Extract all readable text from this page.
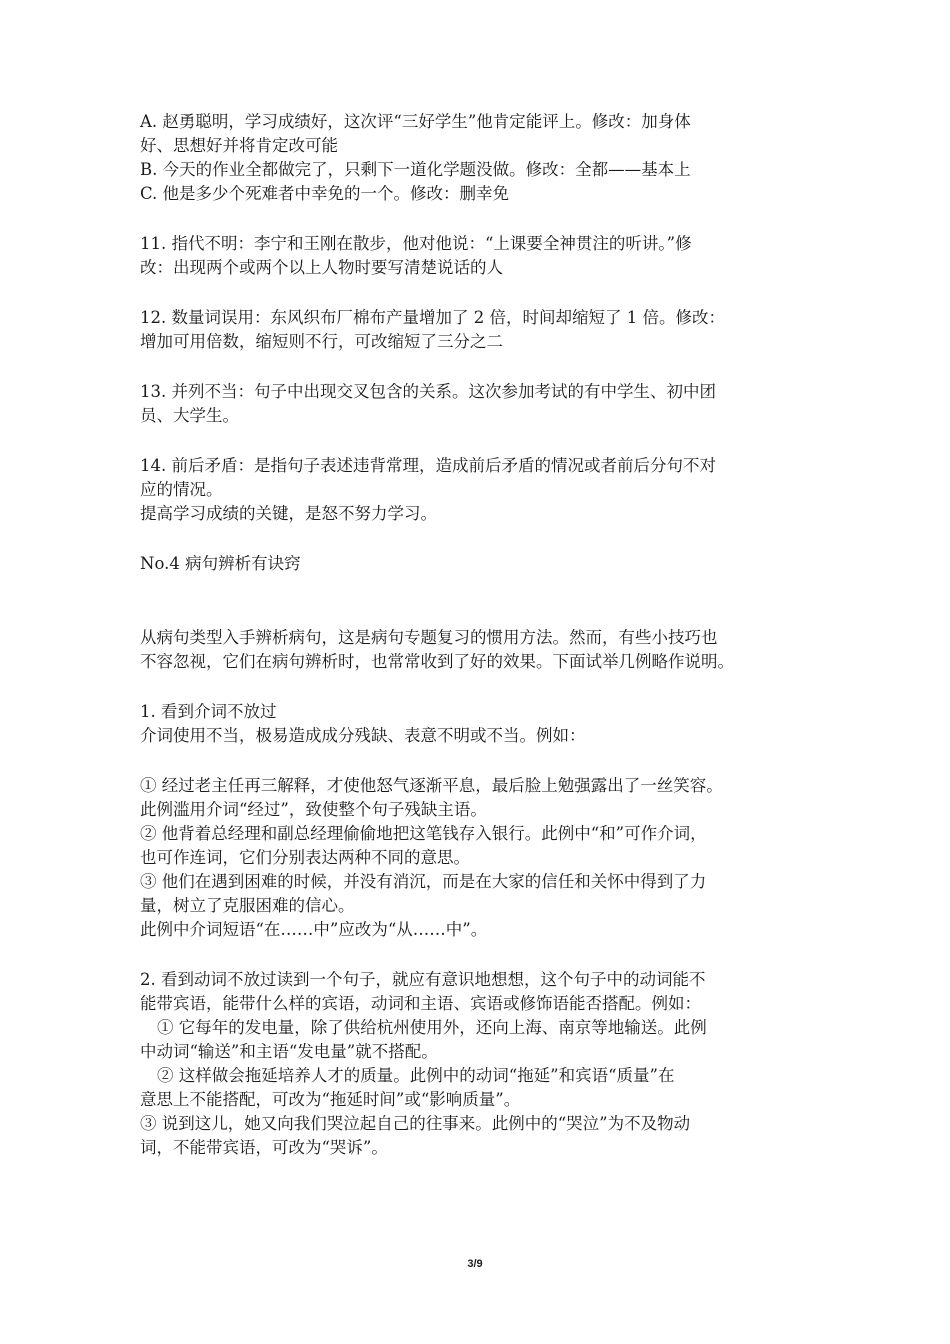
A. 赵勇聪明，学习成绩好，这次评“三好学生”他肯定能评上。修改：加身体
好、思想好并将肯定改可能
B. 今天的作业全都做完了，只剩下一道化学题没做。修改：全都——基本上
C. 他是多少个死难者中幸免的一个。修改：删幸免
11. 指代不明：李宁和王刚在散步，他对他说：“上课要全神贯注的听讲。”修
改：出现两个或两个以上人物时要写清楚说话的人
12. 数量词误用：东风织布厂棉布产量增加了 2 倍，时间却缩短了 1 倍。修改：
增加可用倍数，缩短则不行，可改缩短了三分之二
13. 并列不当：句子中出现交叉包含的关系。这次参加考试的有中学生、初中团
员、大学生。
14. 前后矛盾：是指句子表述违背常理，造成前后矛盾的情况或者前后分句不对
应的情况。
提高学习成绩的关键，是怒不努力学习。
No.4 病句辨析有诀窍
从病句类型入手辨析病句，这是病句专题复习的惯用方法。然而，有些小技巧也
不容忽视，它们在病句辨析时，也常常收到了好的效果。下面试举几例略作说明。
1. 看到介词不放过
介词使用不当，极易造成成分残缺、表意不明或不当。例如：
① 经过老主任再三解释，才使他怒气逐渐平息，最后脸上勉强露出了一丝笑容。
此例滥用介词“经过”，致使整个句子残缺主语。
② 他背着总经理和副总经理偷偷地把这笔钱存入银行。此例中“和”可作介词，
也可作连词，它们分别表达两种不同的意思。
③ 他们在遇到困难的时候，并没有消沉，而是在大家的信任和关怀中得到了力
量，树立了克服困难的信心。
此例中介词短语“在……中”应改为“从……中”。
2. 看到动词不放过读到一个句子，就应有意识地想想，这个句子中的动词能不
能带宾语，能带什么样的宾语，动词和主语、宾语或修饰语能否搭配。例如：
① 它每年的发电量，除了供给杭州使用外，还向上海、南京等地输送。此例
中动词“输送”和主语“发电量”就不搭配。
② 这样做会拖延培养人才的质量。此例中的动词“拖延”和宾语“质量”在
意思上不能搭配，可改为“拖延时间”或“影响质量”。
③ 说到这儿，她又向我们哭泣起自己的往事来。此例中的“哭泣”为不及物动
词，不能带宾语，可改为“哭诉”。
3/9
